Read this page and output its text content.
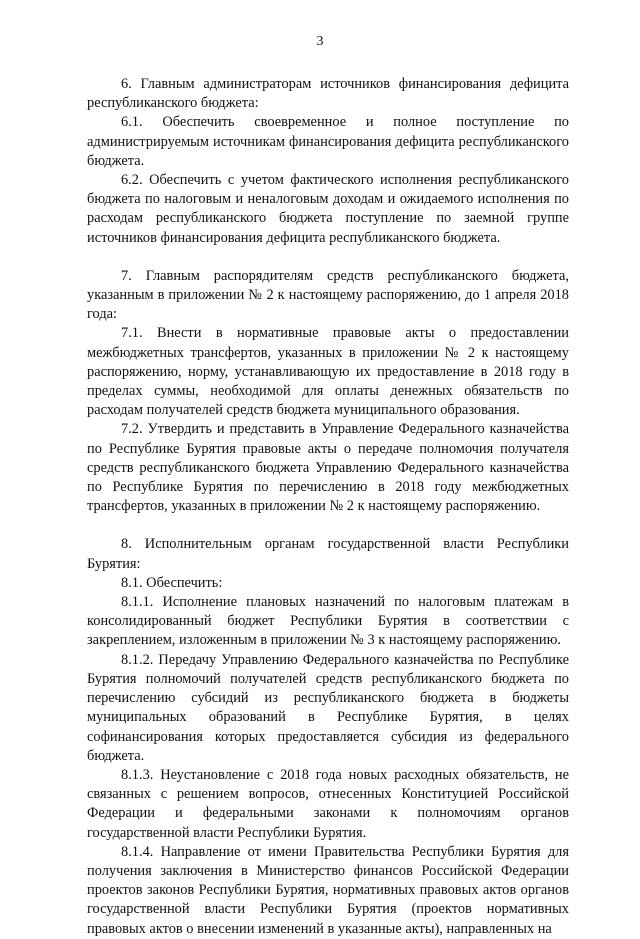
3

6. Главным администраторам источников финансирования дефицита республиканского бюджета:

6.1. Обеспечить своевременное и полное поступление по администрируемым источникам финансирования дефицита республиканского бюджета.

6.2. Обеспечить с учетом фактического исполнения республиканского бюджета по налоговым и неналоговым доходам и ожидаемого исполнения по расходам республиканского бюджета поступление по заемной группе источников финансирования дефицита республиканского бюджета.

7. Главным распорядителям средств республиканского бюджета, указанным в приложении № 2 к настоящему распоряжению, до 1 апреля 2018 года:

7.1. Внести в нормативные правовые акты о предоставлении межбюджетных трансфертов, указанных в приложении № 2 к настоящему распоряжению, норму, устанавливающую их предоставление в 2018 году в пределах суммы, необходимой для оплаты денежных обязательств по расходам получателей средств бюджета муниципального образования.

7.2. Утвердить и представить в Управление Федерального казначейства по Республике Бурятия правовые акты о передаче полномочия получателя средств республиканского бюджета Управлению Федерального казначейства по Республике Бурятия по перечислению в 2018 году межбюджетных трансфертов, указанных в приложении № 2 к настоящему распоряжению.

8. Исполнительным органам государственной власти Республики Бурятия:

8.1. Обеспечить:

8.1.1. Исполнение плановых назначений по налоговым платежам в консолидированный бюджет Республики Бурятия в соответствии с закреплением, изложенным в приложении № 3 к настоящему распоряжению.

8.1.2. Передачу Управлению Федерального казначейства по Республике Бурятия полномочий получателей средств республиканского бюджета по перечислению субсидий из республиканского бюджета в бюджеты муниципальных образований в Республике Бурятия, в целях софинансирования которых предоставляется субсидия из федерального бюджета.

8.1.3. Неустановление с 2018 года новых расходных обязательств, не связанных с решением вопросов, отнесенных Конституцией Российской Федерации и федеральными законами к полномочиям органов государственной власти Республики Бурятия.

8.1.4. Направление от имени Правительства Республики Бурятия для получения заключения в Министерство финансов Российской Федерации проектов законов Республики Бурятия, нормативных правовых актов органов государственной власти Республики Бурятия (проектов нормативных правовых актов о внесении изменений в указанные акты), направленных на
